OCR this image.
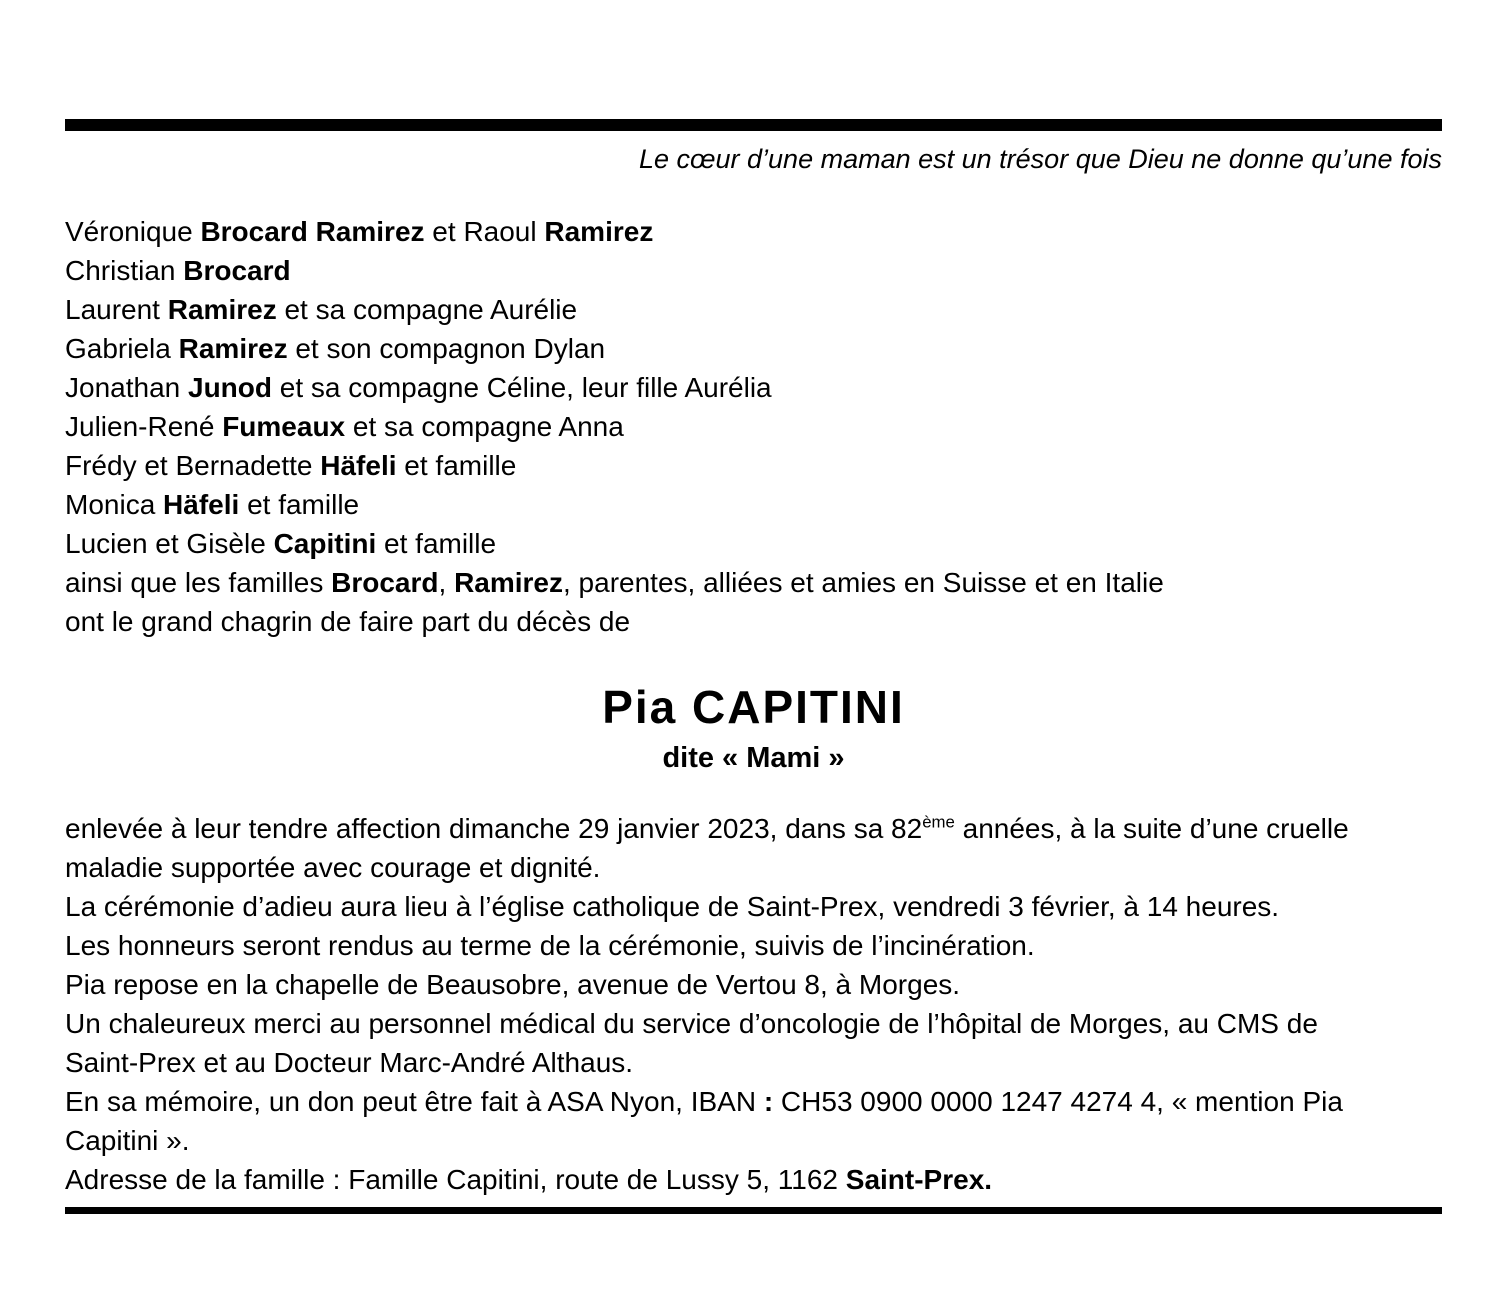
Le cœur d’une maman est un trésor que Dieu ne donne qu’une fois
Véronique Brocard Ramirez et Raoul Ramirez
Christian Brocard
Laurent Ramirez et sa compagne Aurélie
Gabriela Ramirez et son compagnon Dylan
Jonathan Junod et sa compagne Céline, leur fille Aurélia
Julien-René Fumeaux et sa compagne Anna
Frédy et Bernadette Häfeli et famille
Monica Häfeli et famille
Lucien et Gisèle Capitini et famille
ainsi que les familles Brocard, Ramirez, parentes, alliées et amies en Suisse et en Italie
ont le grand chagrin de faire part du décès de
Pia CAPITINI
dite « Mami »
enlevée à leur tendre affection dimanche 29 janvier 2023, dans sa 82ème années, à la suite d’une cruelle
maladie supportée avec courage et dignité.
La cérémonie d’adieu aura lieu à l’église catholique de Saint-Prex, vendredi 3 février, à 14 heures.
Les honneurs seront rendus au terme de la cérémonie, suivis de l’incinération.
Pia repose en la chapelle de Beausobre, avenue de Vertou 8, à Morges.
Un chaleureux merci au personnel médical du service d’oncologie de l’hôpital de Morges, au CMS de
Saint-Prex et au Docteur Marc-André Althaus.
En sa mémoire, un don peut être fait à ASA Nyon, IBAN : CH53 0900 0000 1247 4274 4, « mention Pia
Capitini ».
Adresse de la famille : Famille Capitini, route de Lussy 5, 1162 Saint-Prex.
